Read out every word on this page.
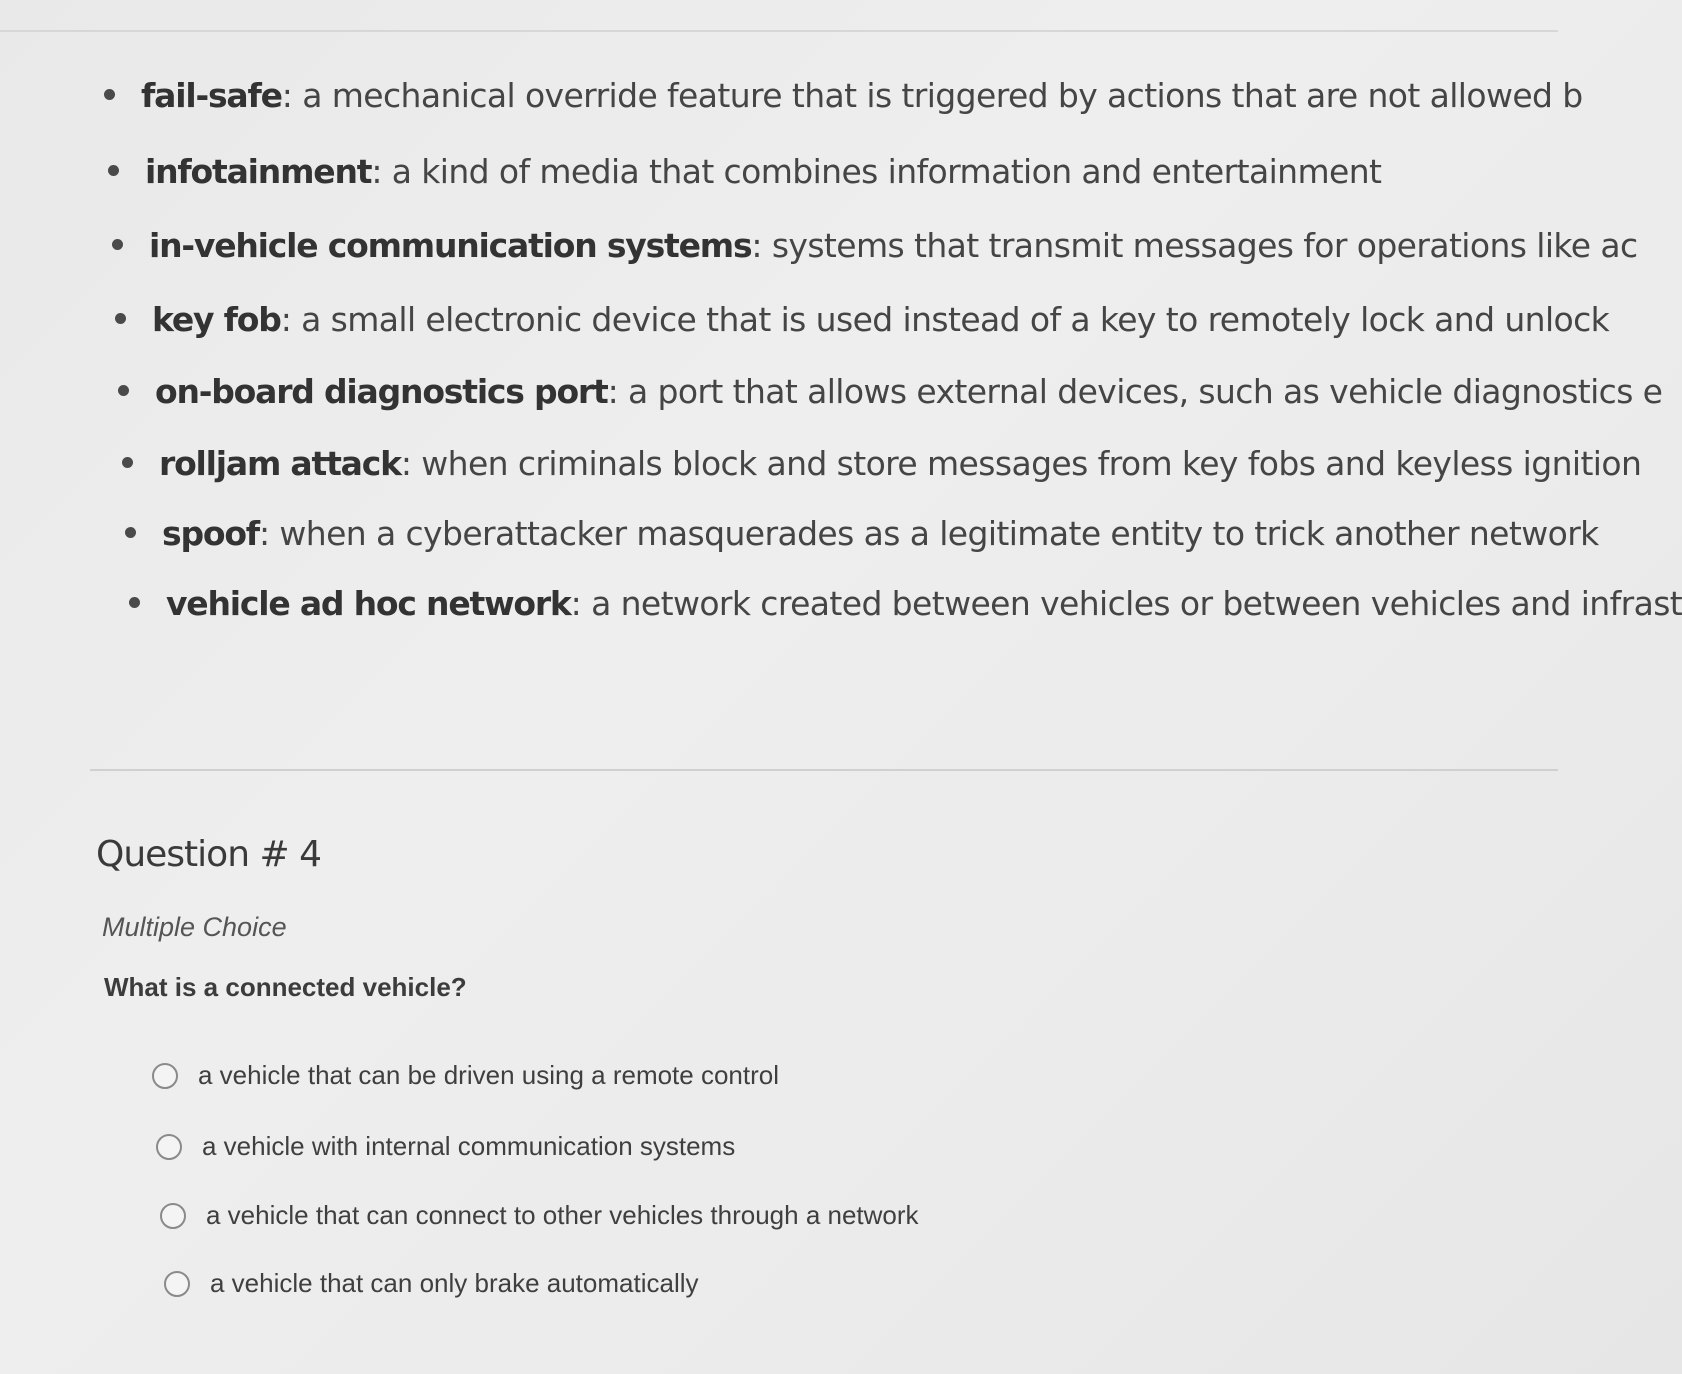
fail-safe: a mechanical override feature that is triggered by actions that are not allowed b
infotainment: a kind of media that combines information and entertainment
in-vehicle communication systems: systems that transmit messages for operations like ac
key fob: a small electronic device that is used instead of a key to remotely lock and unlock
on-board diagnostics port: a port that allows external devices, such as vehicle diagnostics e
rolljam attack: when criminals block and store messages from key fobs and keyless ignition
spoof: when a cyberattacker masquerades as a legitimate entity to trick another network
vehicle ad hoc network: a network created between vehicles or between vehicles and infrast
Question # 4
Multiple Choice
What is a connected vehicle?
a vehicle that can be driven using a remote control
a vehicle with internal communication systems
a vehicle that can connect to other vehicles through a network
a vehicle that can only brake automatically
